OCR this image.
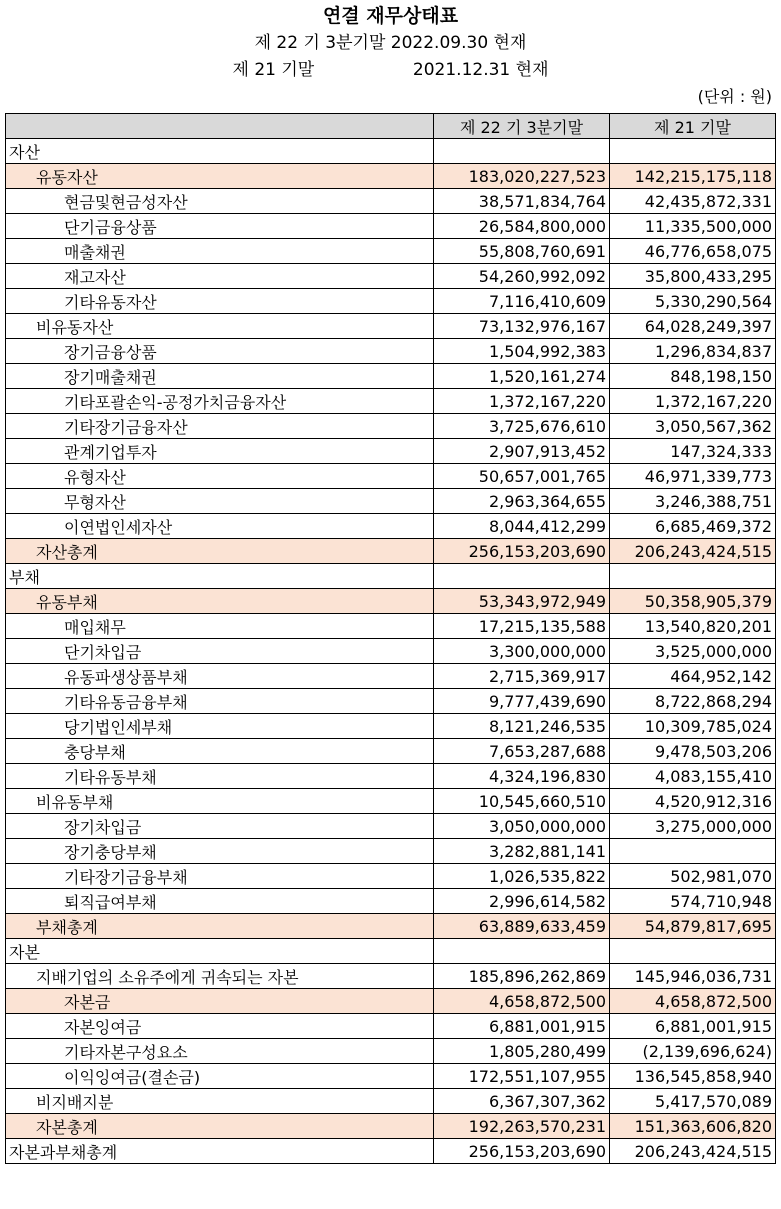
연결 재무상태표
제 22 기 3분기말 2022.09.30 현재
제 21 기말	2021.12.31 현재
(단위 : 원)
	제 22 기 3분기말	제 21 기말
자산		
유동자산	183,020,227,523	142,215,175,118
현금및현금성자산	38,571,834,764	42,435,872,331
단기금융상품	26,584,800,000	11,335,500,000
매출채권	55,808,760,691	46,776,658,075
재고자산	54,260,992,092	35,800,433,295
기타유동자산	7,116,410,609	5,330,290,564
비유동자산	73,132,976,167	64,028,249,397
장기금융상품	1,504,992,383	1,296,834,837
장기매출채권	1,520,161,274	848,198,150
기타포괄손익-공정가치금융자산	1,372,167,220	1,372,167,220
기타장기금융자산	3,725,676,610	3,050,567,362
관계기업투자	2,907,913,452	147,324,333
유형자산	50,657,001,765	46,971,339,773
무형자산	2,963,364,655	3,246,388,751
이연법인세자산	8,044,412,299	6,685,469,372
자산총계	256,153,203,690	206,243,424,515
부채		
유동부채	53,343,972,949	50,358,905,379
매입채무	17,215,135,588	13,540,820,201
단기차입금	3,300,000,000	3,525,000,000
유동파생상품부채	2,715,369,917	464,952,142
기타유동금융부채	9,777,439,690	8,722,868,294
당기법인세부채	8,121,246,535	10,309,785,024
충당부채	7,653,287,688	9,478,503,206
기타유동부채	4,324,196,830	4,083,155,410
비유동부채	10,545,660,510	4,520,912,316
장기차입금	3,050,000,000	3,275,000,000
장기충당부채	3,282,881,141	
기타장기금융부채	1,026,535,822	502,981,070
퇴직급여부채	2,996,614,582	574,710,948
부채총계	63,889,633,459	54,879,817,695
자본		
지배기업의 소유주에게 귀속되는 자본	185,896,262,869	145,946,036,731
자본금	4,658,872,500	4,658,872,500
자본잉여금	6,881,001,915	6,881,001,915
기타자본구성요소	1,805,280,499	(2,139,696,624)
이익잉여금(결손금)	172,551,107,955	136,545,858,940
비지배지분	6,367,307,362	5,417,570,089
자본총계	192,263,570,231	151,363,606,820
자본과부채총계	256,153,203,690	206,243,424,515
